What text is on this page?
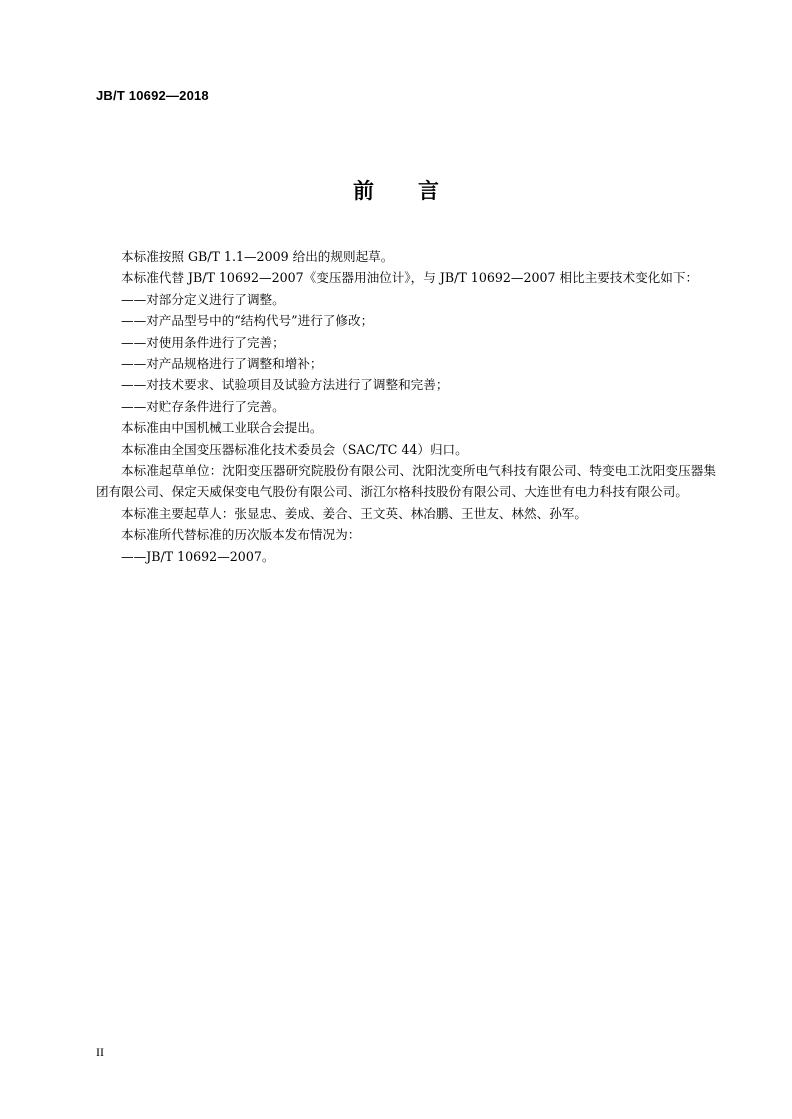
JB/T 10692—2018
前 言

本标准按照 GB/T 1.1—2009 给出的规则起草。

本标准代替 JB/T 10692—2007《变压器用油位计》，与 JB/T 10692—2007 相比主要技术变化如下：

——对部分定义进行了调整。

——对产品型号中的“结构代号”进行了修改；

——对使用条件进行了完善；

——对产品规格进行了调整和增补；

——对技术要求、试验项目及试验方法进行了调整和完善；

——对贮存条件进行了完善。

本标准由中国机械工业联合会提出。

本标准由全国变压器标准化技术委员会（SAC/TC 44）归口。

本标准起草单位：沈阳变压器研究院股份有限公司、沈阳沈变所电气科技有限公司、特变电工沈阳变压器集团有限公司、保定天威保变电气股份有限公司、浙江尔格科技股份有限公司、大连世有电力科技有限公司。

本标准主要起草人：张显忠、姜成、姜合、王文英、林冶鹏、王世友、林然、孙军。

本标准所代替标准的历次版本发布情况为：

——JB/T 10692—2007。

II
